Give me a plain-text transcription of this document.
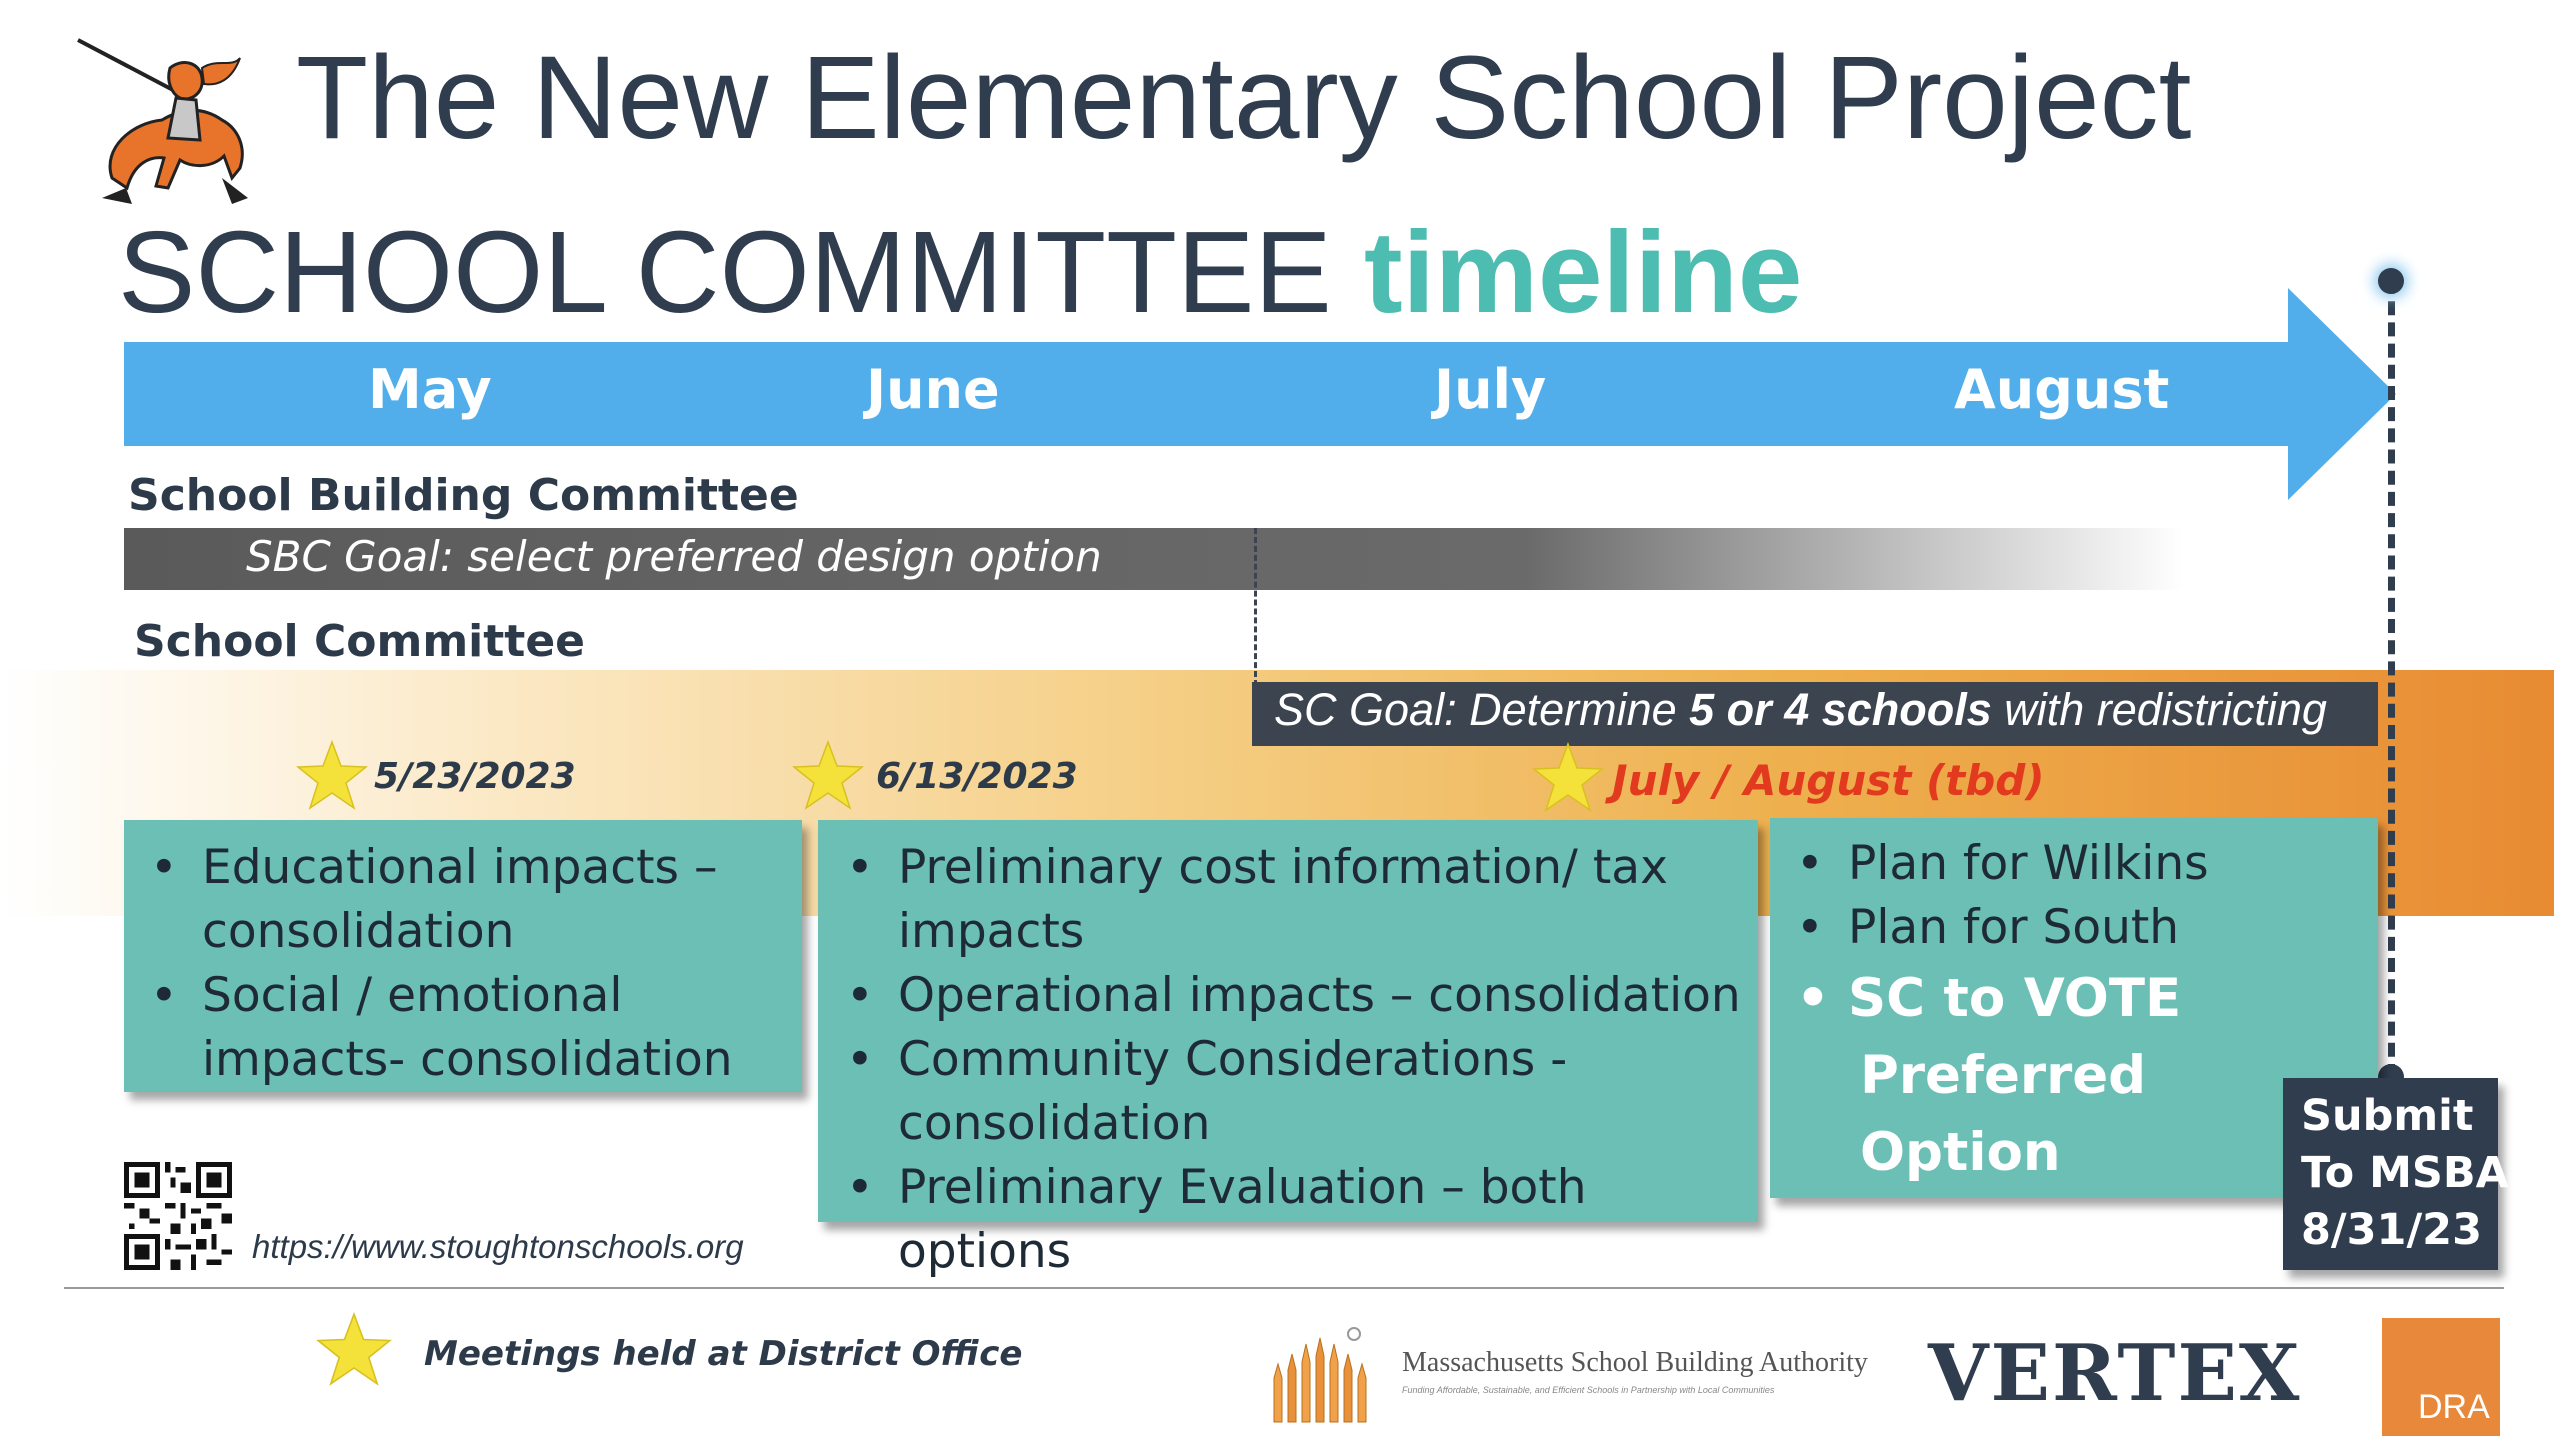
The New Elementary School Project
SCHOOL COMMITTEE timeline
May	June	July	August
School Building Committee
SBC Goal: select preferred design option
School Committee
SC Goal: Determine 5 or 4 schools with redistricting
5/23/2023	6/13/2023	July / August (tbd)
• Educational impacts – consolidation
• Social / emotional impacts- consolidation
• Preliminary cost information/ tax impacts
• Operational impacts – consolidation
• Community Considerations - consolidation
• Preliminary Evaluation – both options
• Plan for Wilkins
• Plan for South
• SC to VOTE
Preferred
Option
Submit
To MSBA
8/31/23
https://www.stoughtonschools.org
Meetings held at District Office	Massachusetts School Building Authority
Funding Affordable, Sustainable, and Efficient Schools in Partnership with Local Communities VERTEX	DRA
